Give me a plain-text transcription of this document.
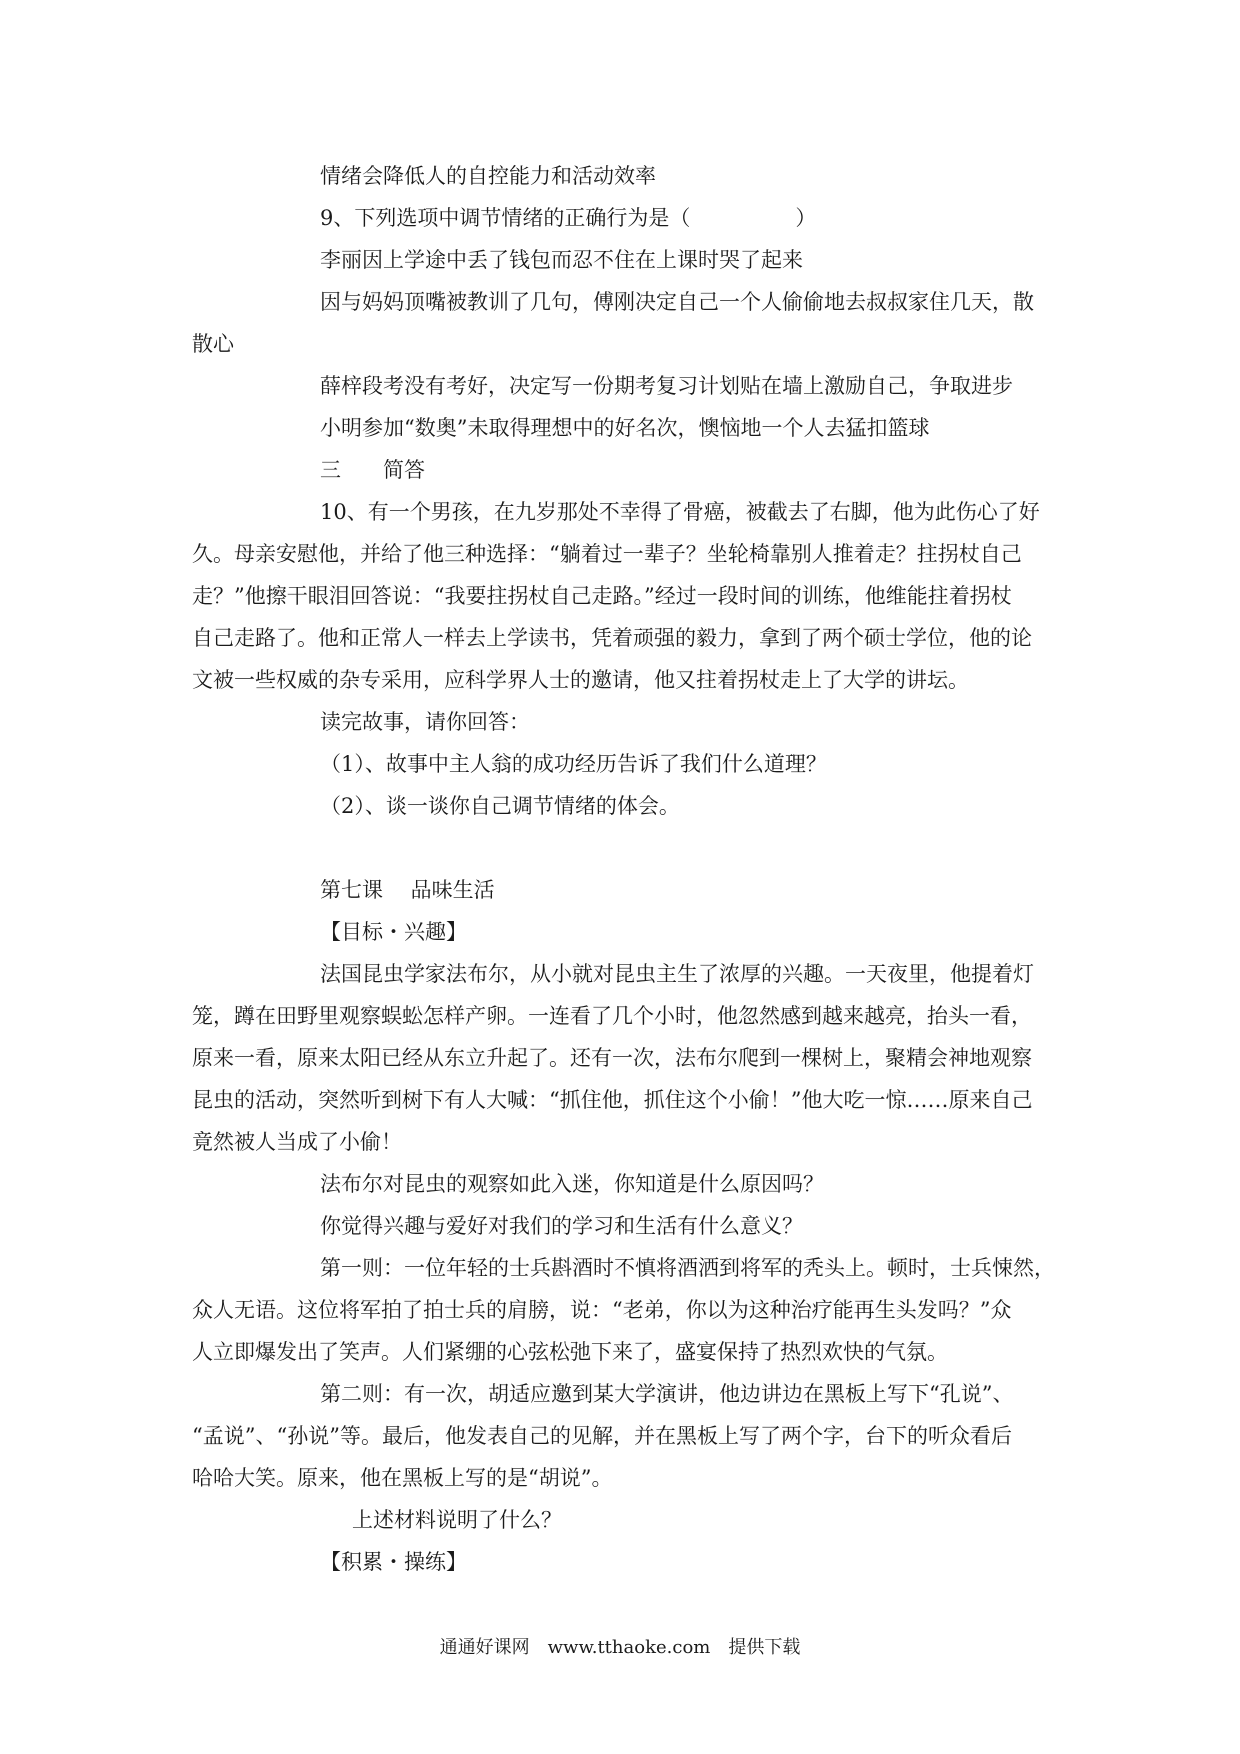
情绪会降低人的自控能力和活动效率
9、下列选项中调节情绪的正确行为是（　　　　　）
李丽因上学途中丢了钱包而忍不住在上课时哭了起来
因与妈妈顶嘴被教训了几句，傅刚决定自己一个人偷偷地去叔叔家住几天，散
散心
薛梓段考没有考好，决定写一份期考复习计划贴在墙上激励自己，争取进步
小明参加“数奥”未取得理想中的好名次，懊恼地一个人去猛扣篮球
三　　简答
10、有一个男孩，在九岁那处不幸得了骨癌，被截去了右脚，他为此伤心了好
久。母亲安慰他，并给了他三种选择：“躺着过一辈子？坐轮椅靠别人推着走？拄拐杖自己
走？”他擦干眼泪回答说：“我要拄拐杖自己走路。”经过一段时间的训练，他维能拄着拐杖
自己走路了。他和正常人一样去上学读书，凭着顽强的毅力，拿到了两个硕士学位，他的论
文被一些权威的杂专采用，应科学界人士的邀请，他又拄着拐杖走上了大学的讲坛。
读完故事，请你回答：
（1）、故事中主人翁的成功经历告诉了我们什么道理？
（2）、谈一谈你自己调节情绪的体会。
第七课　 品味生活
【目标・兴趣】
法国昆虫学家法布尔，从小就对昆虫主生了浓厚的兴趣。一天夜里，他提着灯
笼，蹲在田野里观察蜈蚣怎样产卵。一连看了几个小时，他忽然感到越来越亮，抬头一看，
原来一看，原来太阳已经从东立升起了。还有一次，法布尔爬到一棵树上，聚精会神地观察
昆虫的活动，突然听到树下有人大喊：“抓住他，抓住这个小偷！”他大吃一惊……原来自己
竟然被人当成了小偷！
法布尔对昆虫的观察如此入迷，你知道是什么原因吗？
你觉得兴趣与爱好对我们的学习和生活有什么意义？
第一则：一位年轻的士兵斟酒时不慎将酒洒到将军的秃头上。顿时，士兵悚然，
众人无语。这位将军拍了拍士兵的肩膀，说：“老弟，你以为这种治疗能再生头发吗？”众
人立即爆发出了笑声。人们紧绷的心弦松弛下来了，盛宴保持了热烈欢快的气氛。
第二则：有一次，胡适应邀到某大学演讲，他边讲边在黑板上写下“孔说”、
“孟说”、“孙说”等。最后，他发表自己的见解，并在黑板上写了两个字，台下的听众看后
哈哈大笑。原来，他在黑板上写的是“胡说”。
上述材料说明了什么？
【积累・操练】
通通好课网　www.tthaoke.com　提供下载
